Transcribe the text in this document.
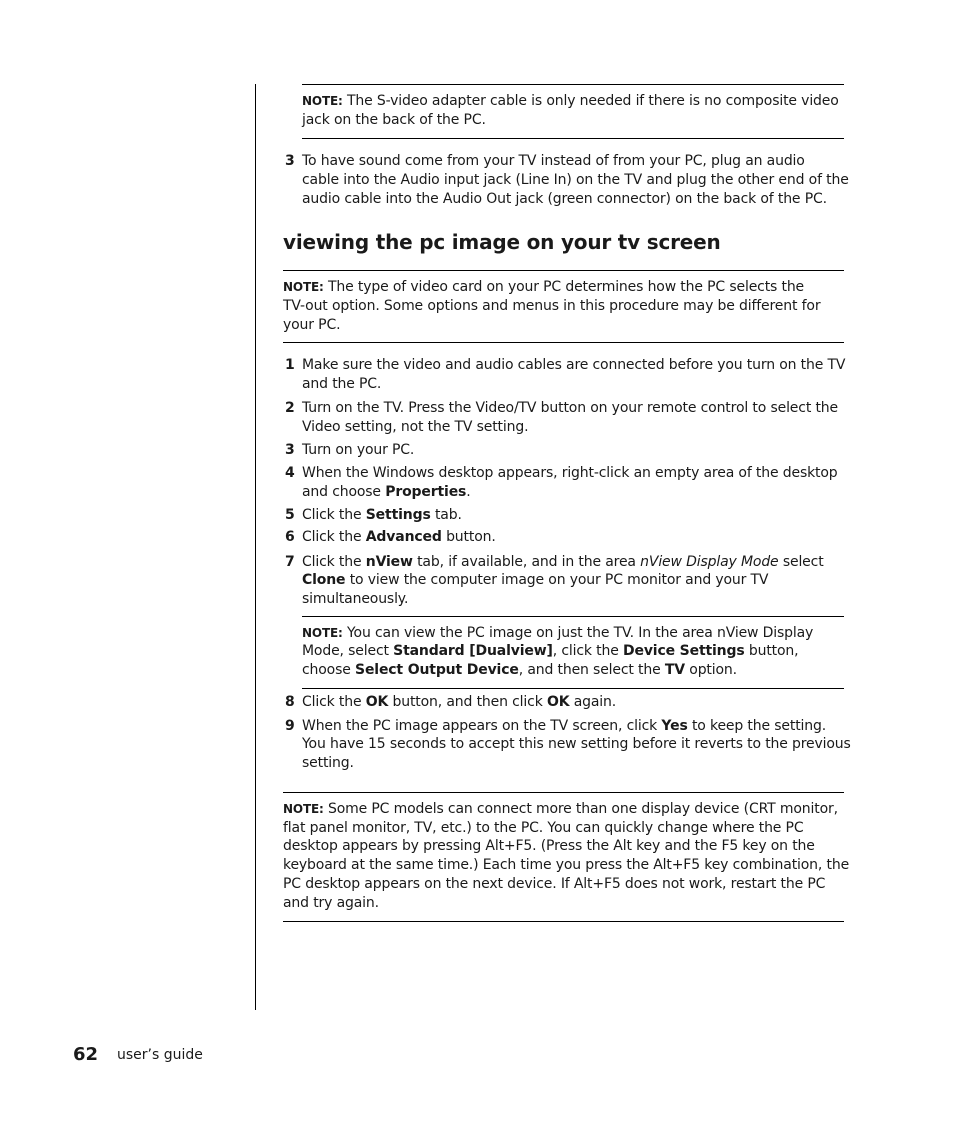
NOTE: The S-video adapter cable is only needed if there is no composite video
jack on the back of the PC.
3 To have sound come from your TV instead of from your PC, plug an audio
cable into the Audio input jack (Line In) on the TV and plug the other end of the
audio cable into the Audio Out jack (green connector) on the back of the PC.
viewing the pc image on your tv screen
NOTE: The type of video card on your PC determines how the PC selects the
TV-out option. Some options and menus in this procedure may be different for
your PC.
1 Make sure the video and audio cables are connected before you turn on the TV
and the PC.
2 Turn on the TV. Press the Video/TV button on your remote control to select the
Video setting, not the TV setting.
3 Turn on your PC.
4 When the Windows desktop appears, right-click an empty area of the desktop
and choose Properties.
5 Click the Settings tab.
6 Click the Advanced button.
7 Click the nView tab, if available, and in the area nView Display Mode select
Clone to view the computer image on your PC monitor and your TV
simultaneously.
NOTE: You can view the PC image on just the TV. In the area nView Display
Mode, select Standard [Dualview], click the Device Settings button,
choose Select Output Device, and then select the TV option.
8 Click the OK button, and then click OK again.
9 When the PC image appears on the TV screen, click Yes to keep the setting.
You have 15 seconds to accept this new setting before it reverts to the previous
setting.
NOTE: Some PC models can connect more than one display device (CRT monitor,
flat panel monitor, TV, etc.) to the PC. You can quickly change where the PC
desktop appears by pressing Alt+F5. (Press the Alt key and the F5 key on the
keyboard at the same time.) Each time you press the Alt+F5 key combination, the
PC desktop appears on the next device. If Alt+F5 does not work, restart the PC
and try again.
62 user’s guide
